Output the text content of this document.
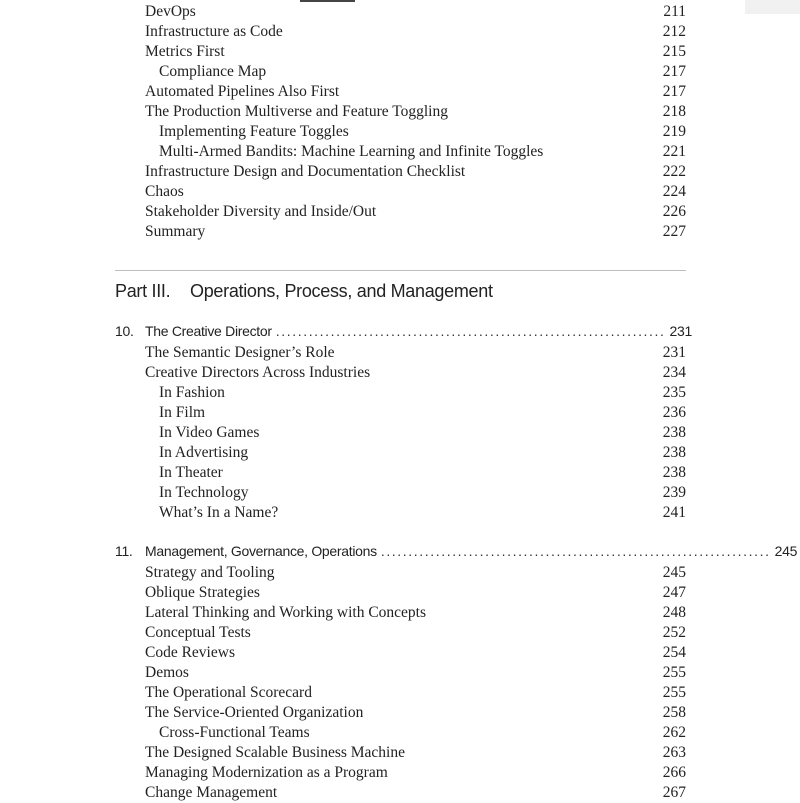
DevOps	211
Infrastructure as Code	212
Metrics First	215
Compliance Map	217
Automated Pipelines Also First	217
The Production Multiverse and Feature Toggling	218
Implementing Feature Toggles	219
Multi-Armed Bandits: Machine Learning and Infinite Toggles	221
Infrastructure Design and Documentation Checklist	222
Chaos	224
Stakeholder Diversity and Inside/Out	226
Summary	227
Part III. Operations, Process, and Management
10. The Creative Director ....................................................................... 231
The Semantic Designer’s Role	231
Creative Directors Across Industries	234
In Fashion	235
In Film	236
In Video Games	238
In Advertising	238
In Theater	238
In Technology	239
What’s In a Name?	241
11. Management, Governance, Operations ....................................................................... 245
Strategy and Tooling	245
Oblique Strategies	247
Lateral Thinking and Working with Concepts	248
Conceptual Tests	252
Code Reviews	254
Demos	255
The Operational Scorecard	255
The Service-Oriented Organization	258
Cross-Functional Teams	262
The Designed Scalable Business Machine	263
Managing Modernization as a Program	266
Change Management	267
